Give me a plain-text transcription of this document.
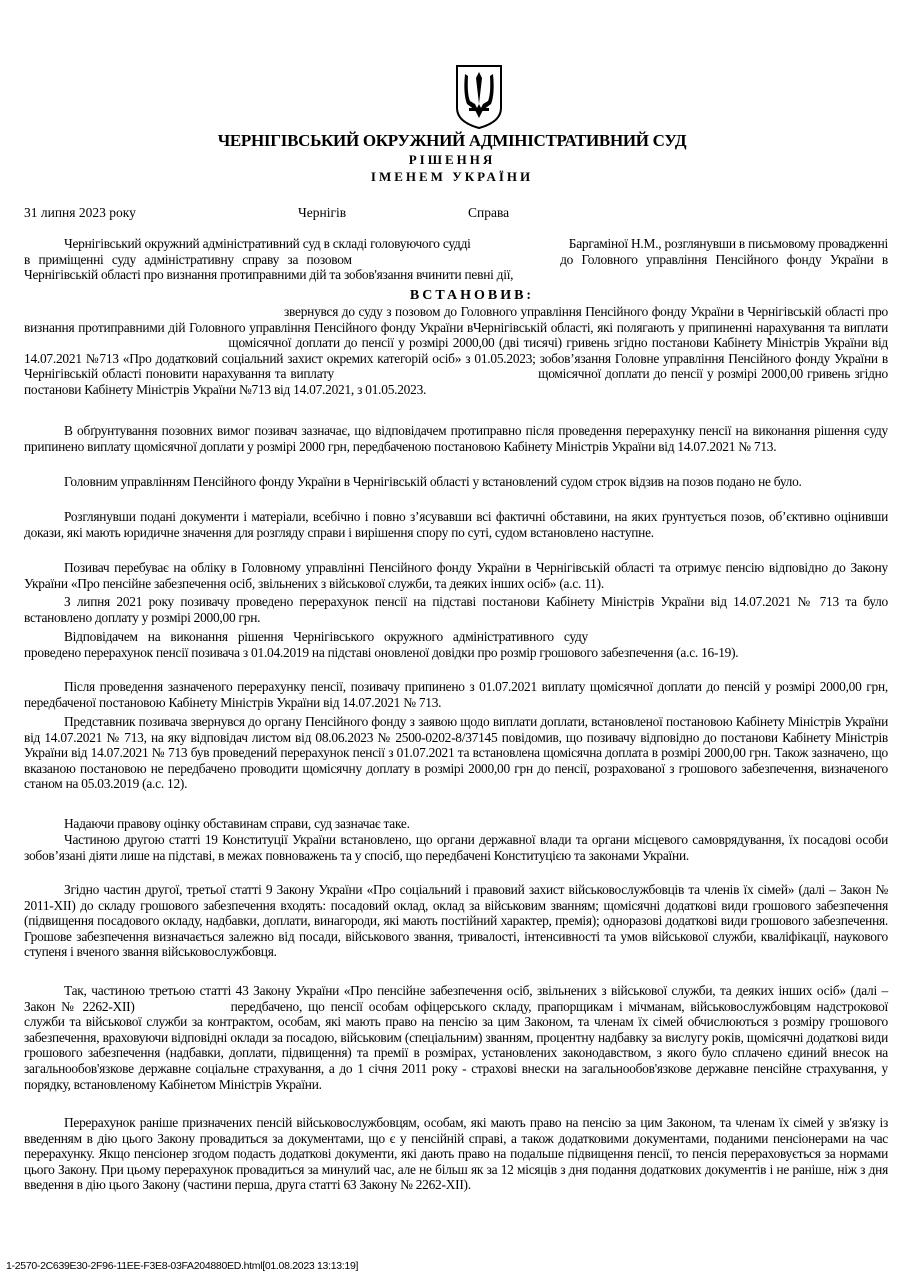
ЧЕРНІГІВСЬКИЙ ОКРУЖНИЙ АДМІНІСТРАТИВНИЙ СУД
РІШЕННЯ
ІМЕНЕМ УКРАЇНИ
31 липня 2023 року	Чернігів	Справа
Чернігівський окружний адміністративний суд в складі головуючого судді	Баргаміної Н.М., розглянувши в письмовому провадженні в приміщенні суду адміністративну справу за позовом	до Головного управління Пенсійного фонду України в Чернігівській області про визнання протиправними дій та зобов'язання вчинити певні дії,
ВСТАНОВИВ:
звернувся до суду з позовом до Головного управління Пенсійного фонду України в Чернігівській області про визнання протиправними дій Головного управління Пенсійного фонду України вЧернігівській області, які полягають у припиненні нарахування та виплати щомісячної доплати до пенсії у розмірі 2000,00 (дві тисячі) гривень згідно постанови Кабінету Міністрів України від 14.07.2021 №713 «Про додатковий соціальний захист окремих категорій осіб» з 01.05.2023; зобов’язання Головне управління Пенсійного фонду України в Чернігівській області поновити нарахування та виплату	щомісячної доплати до пенсії у розмірі 2000,00 гривень згідно постанови Кабінету Міністрів України №713 від 14.07.2021, з 01.05.2023.
В обґрунтування позовних вимог позивач зазначає, що відповідачем протиправно після проведення перерахунку пенсії на виконання рішення суду припинено виплату щомісячної доплати у розмірі 2000 грн, передбаченою постановою Кабінету Міністрів України від 14.07.2021 № 713.
Головним управлінням Пенсійного фонду України в Чернігівській області у встановлений судом строк відзив на позов подано не було.
Розглянувши подані документи і матеріали, всебічно і повно з’ясувавши всі фактичні обставини, на яких ґрунтується позов, об’єктивно оцінивши докази, які мають юридичне значення для розгляду справи і вирішення спору по суті, судом встановлено наступне.
Позивач перебуває на обліку в Головному управлінні Пенсійного фонду України в Чернігівській області та отримує пенсію відповідно до Закону України «Про пенсійне забезпечення осіб, звільнених з військової служби, та деяких інших осіб» (а.с. 11).
З липня 2021 року позивачу проведено перерахунок пенсії на підставі постанови Кабінету Міністрів України від 14.07.2021 № 713 та було встановлено доплату у розмірі 2000,00 грн.
Відповідачем на виконання рішення Чернігівського окружного адміністративного суду проведено перерахунок пенсії позивача з 01.04.2019 на підставі оновленої довідки про розмір грошового забезпечення (а.с. 16-19).
Після проведення зазначеного перерахунку пенсії, позивачу припинено з 01.07.2021 виплату щомісячної доплати до пенсій у розмірі 2000,00 грн, передбаченої постановою Кабінету Міністрів України від 14.07.2021 № 713.
Представник позивача звернувся до органу Пенсійного фонду з заявою щодо виплати доплати, встановленої постановою Кабінету Міністрів України від 14.07.2021 № 713, на яку відповідач листом від 08.06.2023 № 2500-0202-8/37145 повідомив, що позивачу відповідно до постанови Кабінету Міністрів України від 14.07.2021 № 713 був проведений перерахунок пенсії з 01.07.2021 та встановлена щомісячна доплата в розмірі 2000,00 грн. Також зазначено, що вказаною постановою не передбачено проводити щомісячну доплату в розмірі 2000,00 грн до пенсії, розрахованої з грошового забезпечення, визначеного станом на 05.03.2019 (а.с. 12).
Надаючи правову оцінку обставинам справи, суд зазначає таке.
Частиною другою статті 19 Конституції України встановлено, що органи державної влади та органи місцевого самоврядування, їх посадові особи зобов’язані діяти лише на підставі, в межах повноважень та у спосіб, що передбачені Конституцією та законами України.
Згідно частин другої, третьої статті 9 Закону України «Про соціальний і правовий захист військовослужбовців та членів їх сімей» (далі – Закон № 2011-ХІІ) до складу грошового забезпечення входять: посадовий оклад, оклад за військовим званням; щомісячні додаткові види грошового забезпечення (підвищення посадового окладу, надбавки, доплати, винагороди, які мають постійний характер, премія); одноразові додаткові види грошового забезпечення. Грошове забезпечення визначається залежно від посади, військового звання, тривалості, інтенсивності та умов військової служби, кваліфікації, наукового ступеня і вченого звання військовослужбовця.
Так, частиною третьою статті 43 Закону України «Про пенсійне забезпечення осіб, звільнених з військової служби, та деяких інших осіб» (далі – Закон № 2262-XII)	передбачено, що пенсії особам офіцерського складу, прапорщикам і мічманам, військовослужбовцям надстрокової служби та військової служби за контрактом, особам, які мають право на пенсію за цим Законом, та членам їх сімей обчислюються з розміру грошового забезпечення, враховуючи відповідні оклади за посадою, військовим (спеціальним) званням, процентну надбавку за вислугу років, щомісячні додаткові види грошового забезпечення (надбавки, доплати, підвищення) та премії в розмірах, установлених законодавством, з якого було сплачено єдиний внесок на загальнообов'язкове державне соціальне страхування, а до 1 січня 2011 року - страхові внески на загальнообов'язкове державне пенсійне страхування, у порядку, встановленому Кабінетом Міністрів України.
Перерахунок раніше призначених пенсій військовослужбовцям, особам, які мають право на пенсію за цим Законом, та членам їх сімей у зв'язку із введенням в дію цього Закону провадиться за документами, що є у пенсійній справі, а також додатковими документами, поданими пенсіонерами на час перерахунку. Якщо пенсіонер згодом подасть додаткові документи, які дають право на подальше підвищення пенсії, то пенсія перераховується за нормами цього Закону. При цьому перерахунок провадиться за минулий час, але не більш як за 12 місяців з дня подання додаткових документів і не раніше, ніж з дня введення в дію цього Закону (частини перша, друга статті 63 Закону № 2262-XII).
1-2570-2C639E30-2F96-11EE-F3E8-03FA204880ED.html[01.08.2023 13:13:19]
